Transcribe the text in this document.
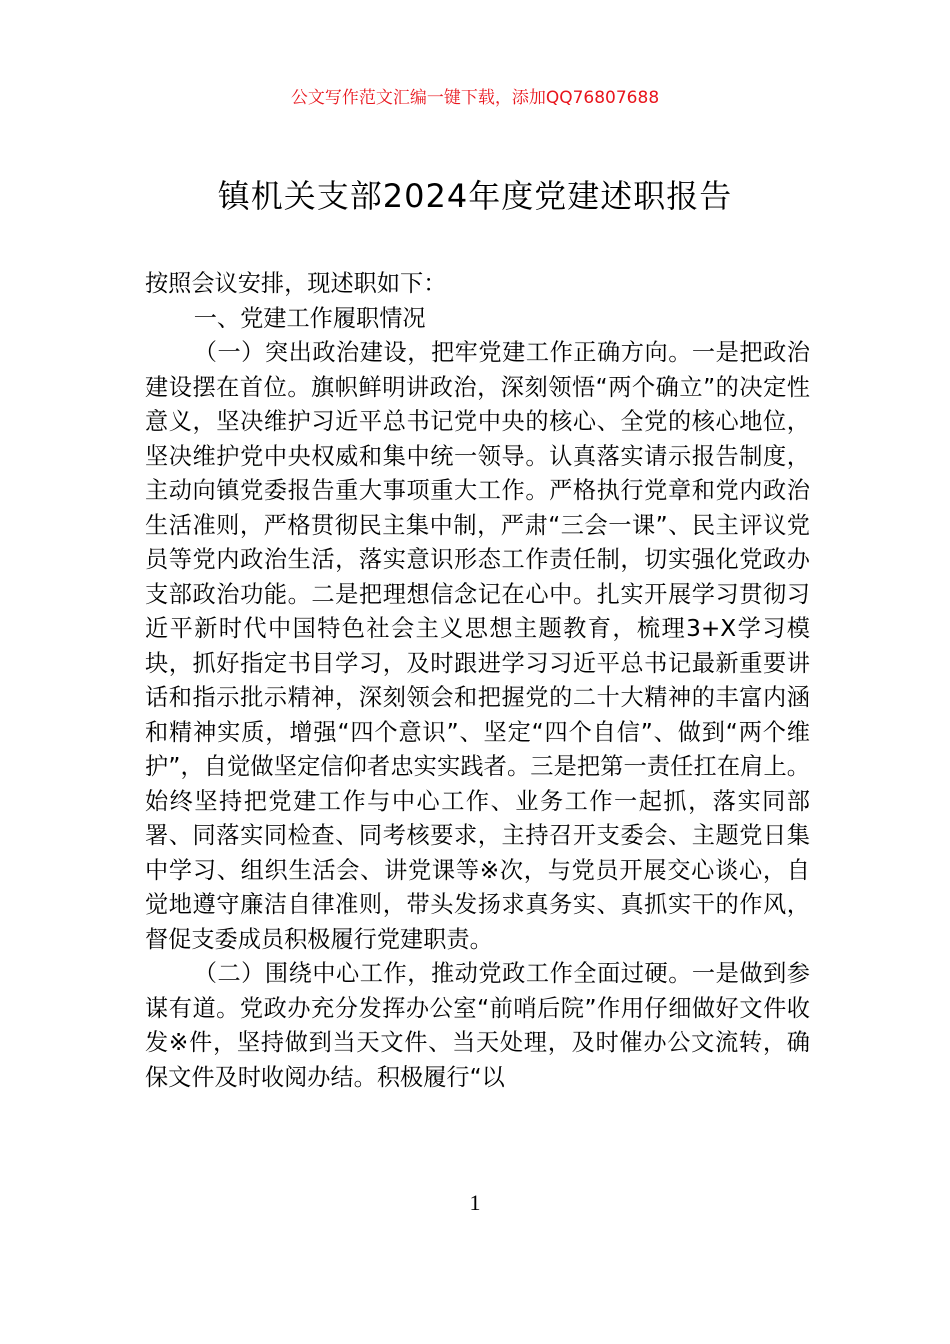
公文写作范文汇编一键下载，添加QQ76807688
镇机关支部2024年度党建述职报告

按照会议安排，现述职如下：

一、党建工作履职情况

（一）突出政治建设，把牢党建工作正确方向。一是把政治建设摆在首位。旗帜鲜明讲政治，深刻领悟“两个确立”的决定性意义，坚决维护习近平总书记党中央的核心、全党的核心地位，坚决维护党中央权威和集中统一领导。认真落实请示报告制度，主动向镇党委报告重大事项重大工作。严格执行党章和党内政治生活准则，严格贯彻民主集中制，严肃“三会一课”、民主评议党员等党内政治生活，落实意识形态工作责任制，切实强化党政办支部政治功能。二是把理想信念记在心中。扎实开展学习贯彻习近平新时代中国特色社会主义思想主题教育，梳理3+X学习模块，抓好指定书目学习，及时跟进学习习近平总书记最新重要讲话和指示批示精神，深刻领会和把握党的二十大精神的丰富内涵和精神实质，增强“四个意识”、坚定“四个自信”、做到“两个维护”，自觉做坚定信仰者忠实实践者。三是把第一责任扛在肩上。始终坚持把党建工作与中心工作、业务工作一起抓，落实同部署、同落实同检查、同考核要求，主持召开支委会、主题党日集中学习、组织生活会、讲党课等※次，与党员开展交心谈心，自觉地遵守廉洁自律准则，带头发扬求真务实、真抓实干的作风，督促支委成员积极履行党建职责。

（二）围绕中心工作，推动党政工作全面过硬。一是做到参谋有道。党政办充分发挥办公室“前哨后院”作用仔细做好文件收发※件，坚持做到当天文件、当天处理，及时催办公文流转，确保文件及时收阅办结。积极履行“以

1
